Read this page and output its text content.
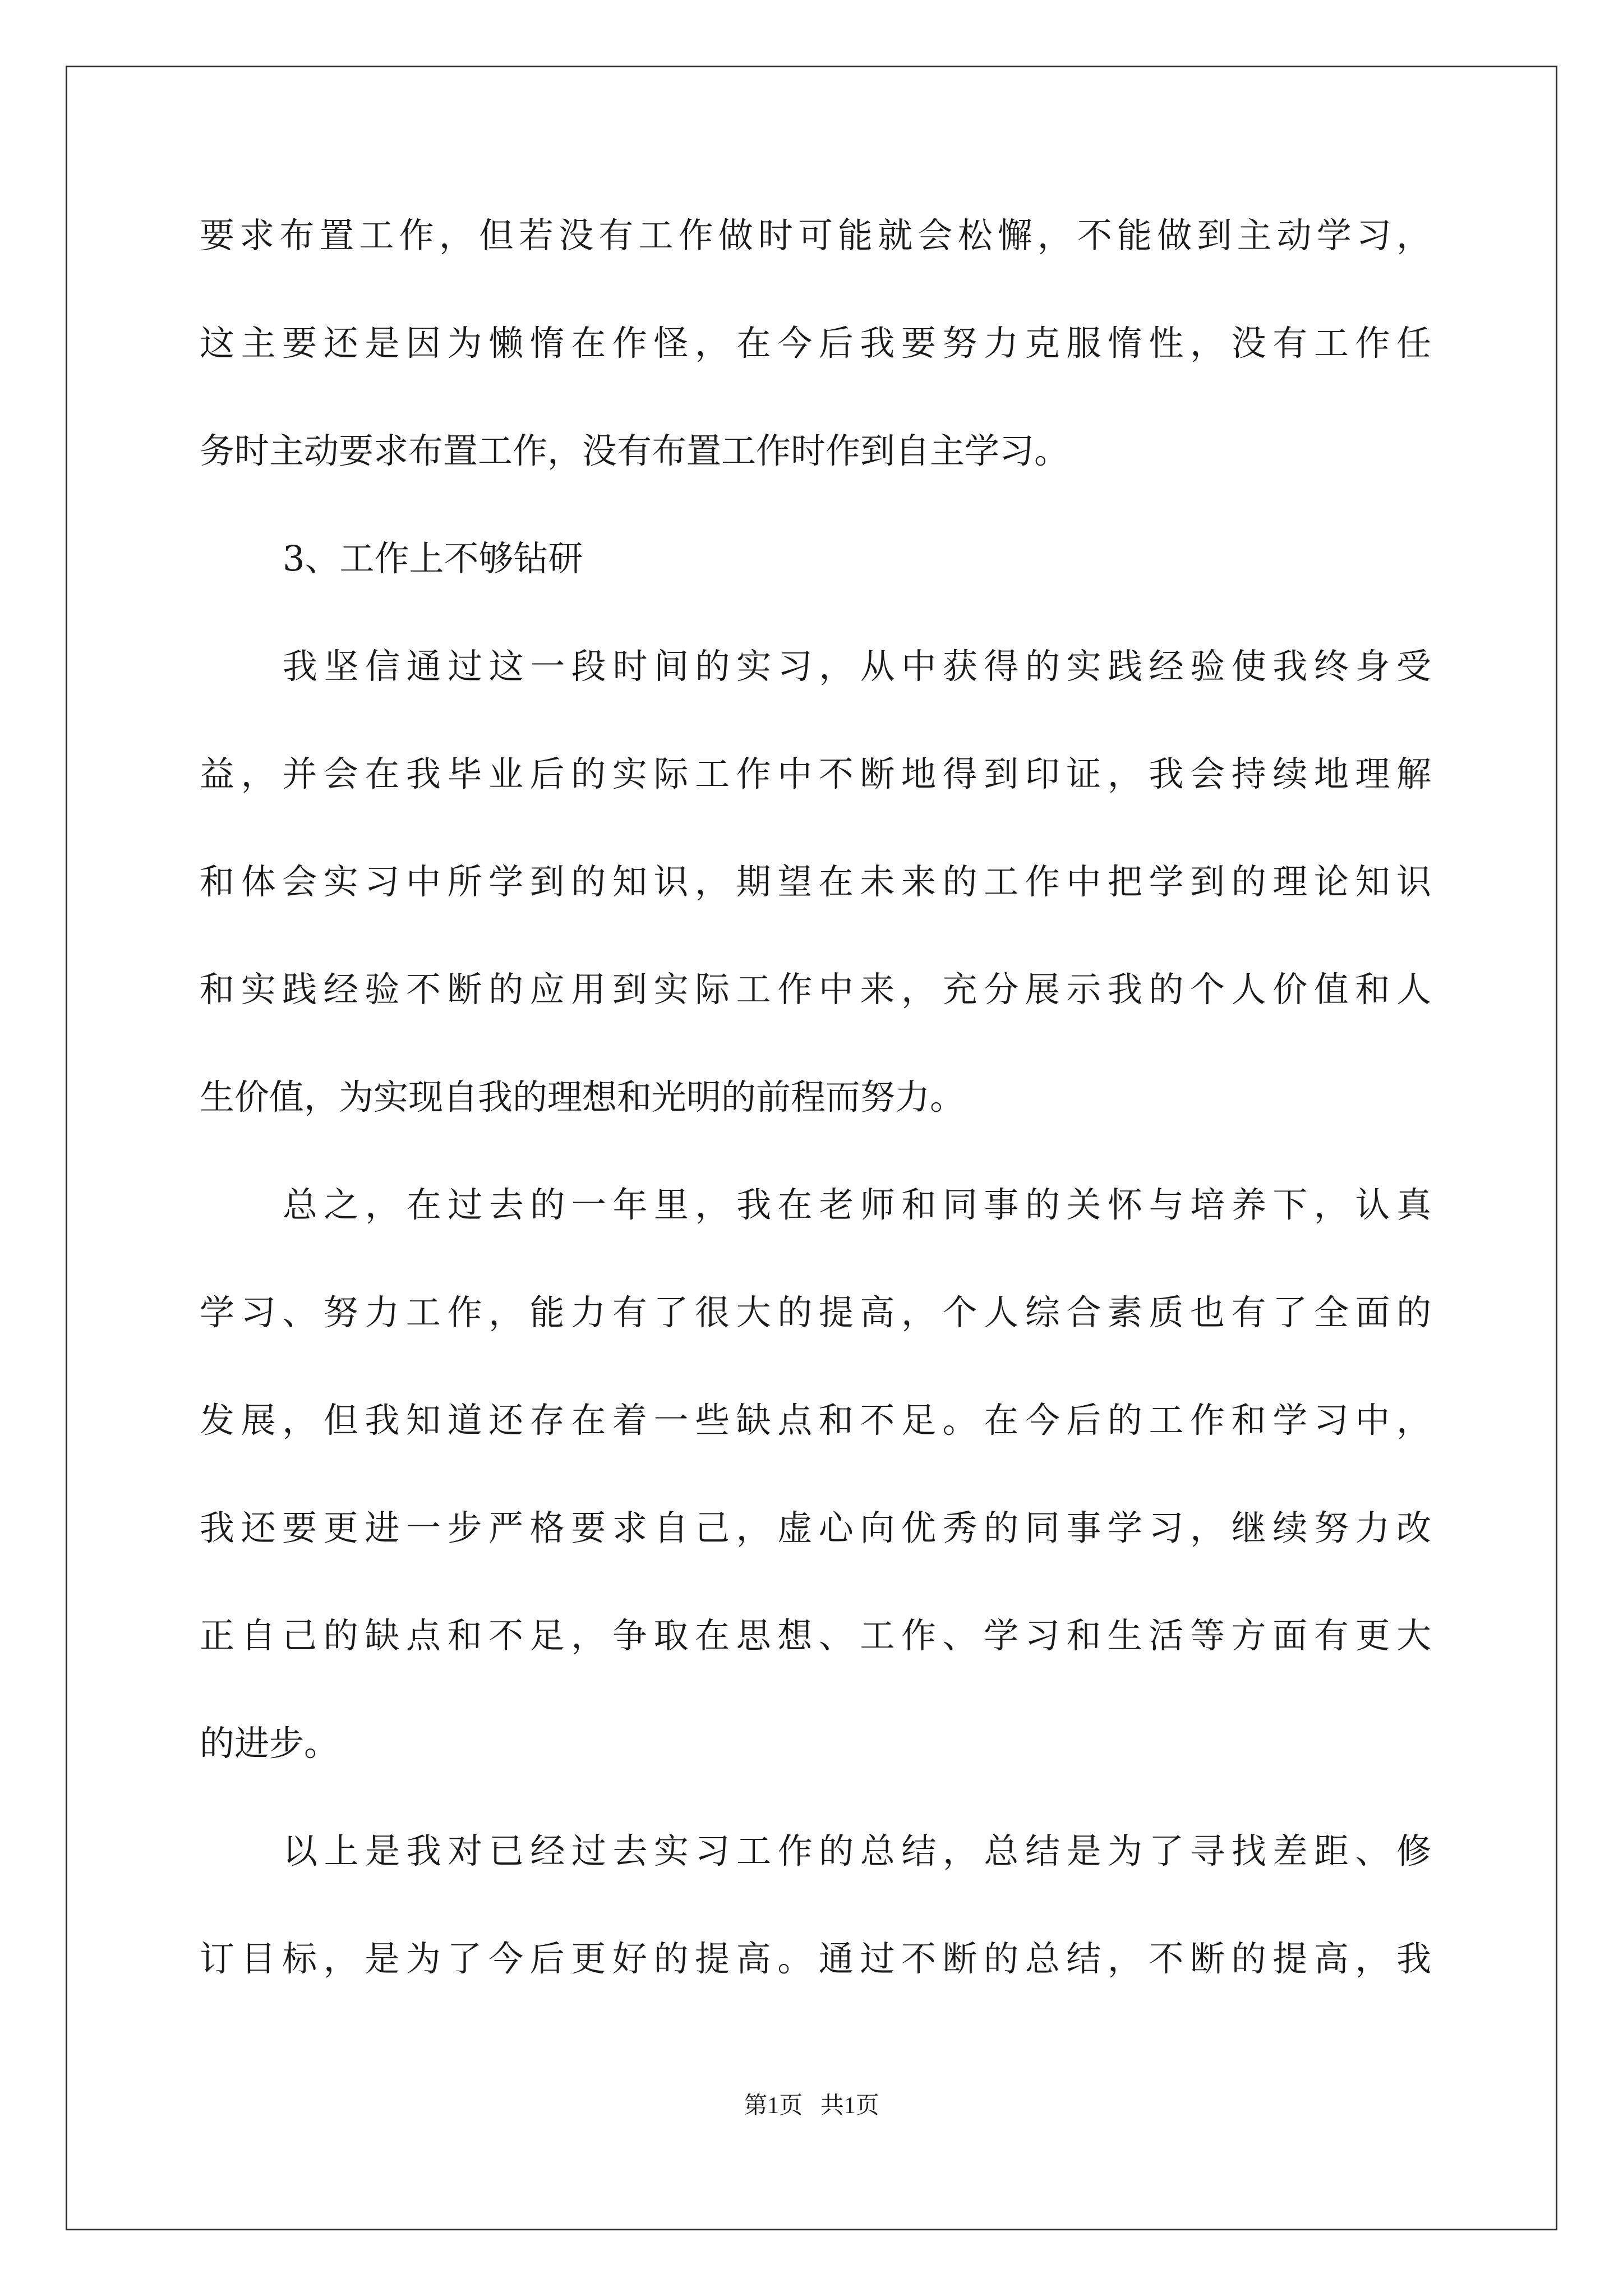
要求布置工作，但若没有工作做时可能就会松懈，不能做到主动学习，
这主要还是因为懒惰在作怪，在今后我要努力克服惰性，没有工作任
务时主动要求布置工作，没有布置工作时作到自主学习。
3、工作上不够钻研
我坚信通过这一段时间的实习，从中获得的实践经验使我终身受
益，并会在我毕业后的实际工作中不断地得到印证，我会持续地理解
和体会实习中所学到的知识，期望在未来的工作中把学到的理论知识
和实践经验不断的应用到实际工作中来，充分展示我的个人价值和人
生价值，为实现自我的理想和光明的前程而努力。
总之，在过去的一年里，我在老师和同事的关怀与培养下，认真
学习、努力工作，能力有了很大的提高，个人综合素质也有了全面的
发展，但我知道还存在着一些缺点和不足。在今后的工作和学习中，
我还要更进一步严格要求自己，虚心向优秀的同事学习，继续努力改
正自己的缺点和不足，争取在思想、工作、学习和生活等方面有更大
的进步。
以上是我对已经过去实习工作的总结，总结是为了寻找差距、修
订目标，是为了今后更好的提高。通过不断的总结，不断的提高，我
第1页   共1页
